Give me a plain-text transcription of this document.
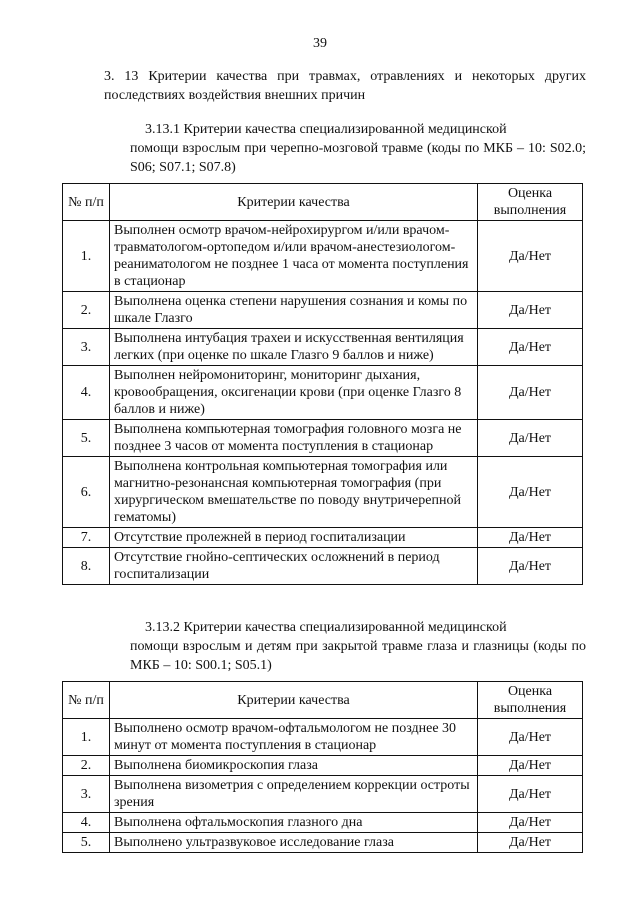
39
3. 13 Критерии качества при травмах, отравлениях и некоторых других последствиях воздействия внешних причин
3.13.1 Критерии качества специализированной медицинской
помощи взрослым при черепно-мозговой травме (коды по МКБ – 10: S02.0; S06; S07.1; S07.8)
№ п/п	Критерии качества	Оценка выполнения
1.	Выполнен осмотр врачом-нейрохирургом и/или врачом-травматологом-ортопедом и/или врачом-анестезиологом-реаниматологом не позднее 1 часа от момента поступления в стационар	Да/Нет
2.	Выполнена оценка степени нарушения сознания и комы по шкале Глазго	Да/Нет
3.	Выполнена интубация трахеи и искусственная вентиляция легких (при оценке по шкале Глазго 9 баллов и ниже)	Да/Нет
4.	Выполнен нейромониторинг, мониторинг дыхания, кровообращения, оксигенации крови (при оценке Глазго 8 баллов и ниже)	Да/Нет
5.	Выполнена компьютерная томография головного мозга не позднее 3 часов от момента поступления в стационар	Да/Нет
6.	Выполнена контрольная компьютерная томография или магнитно-резонансная компьютерная томография (при хирургическом вмешательстве по поводу внутричерепной гематомы)	Да/Нет
7.	Отсутствие пролежней в период госпитализации	Да/Нет
8.	Отсутствие гнойно-септических осложнений в период госпитализации	Да/Нет
3.13.2 Критерии качества специализированной медицинской
помощи взрослым и детям при закрытой травме глаза и глазницы (коды по МКБ – 10: S00.1; S05.1)
№ п/п	Критерии качества	Оценка выполнения
1.	Выполнено осмотр врачом-офтальмологом не позднее 30 минут от момента поступления в стационар	Да/Нет
2.	Выполнена биомикроскопия глаза	Да/Нет
3.	Выполнена визометрия с определением коррекции остроты зрения	Да/Нет
4.	Выполнена офтальмоскопия глазного дна	Да/Нет
5.	Выполнено ультразвуковое исследование глаза	Да/Нет
